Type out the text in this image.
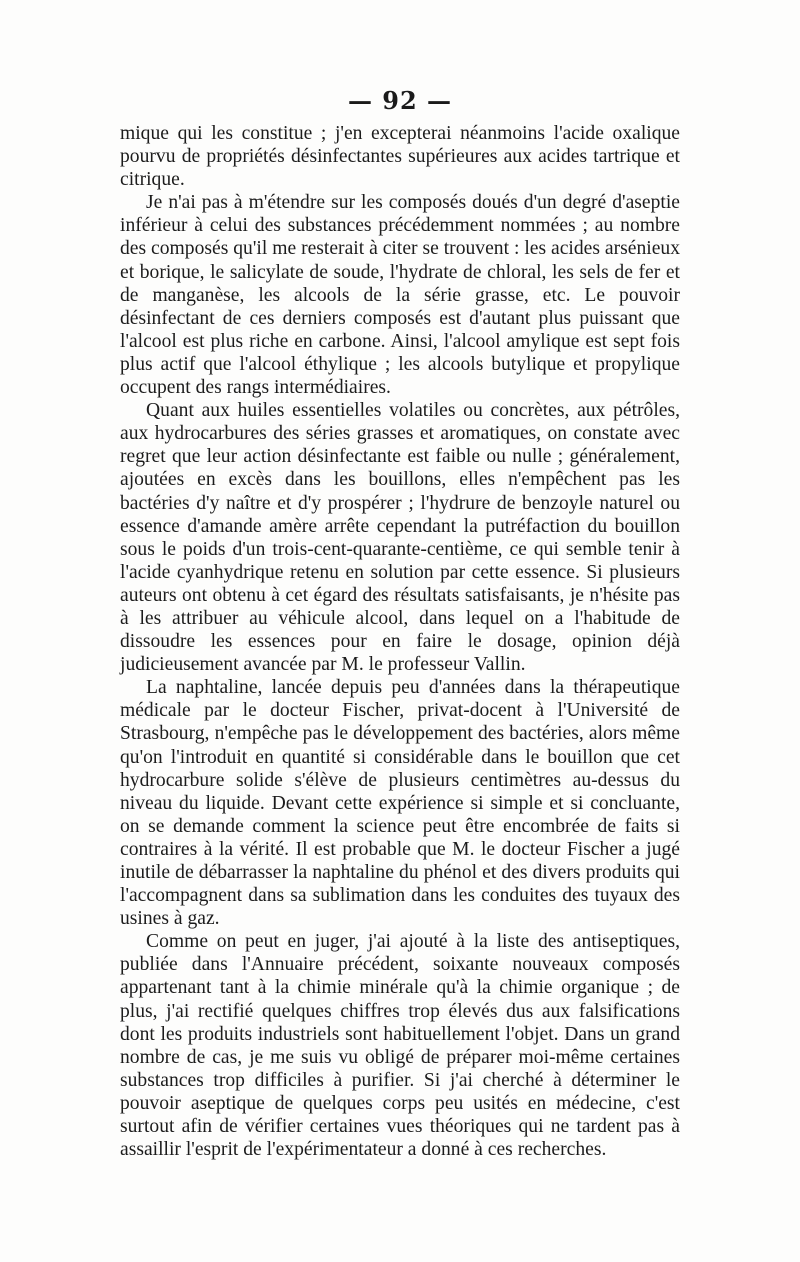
— 92 —

mique qui les constitue ; j'en excepterai néanmoins l'acide oxalique pourvu de propriétés désinfectantes supérieures aux acides tartrique et citrique.

Je n'ai pas à m'étendre sur les composés doués d'un degré d'aseptie inférieur à celui des substances précédemment nommées ; au nombre des composés qu'il me resterait à citer se trouvent : les acides arsénieux et borique, le salicylate de soude, l'hydrate de chloral, les sels de fer et de manganèse, les alcools de la série grasse, etc. Le pouvoir désinfectant de ces derniers composés est d'autant plus puissant que l'alcool est plus riche en carbone. Ainsi, l'alcool amylique est sept fois plus actif que l'alcool éthylique ; les alcools butylique et propylique occupent des rangs intermédiaires.

Quant aux huiles essentielles volatiles ou concrètes, aux pétrôles, aux hydrocarbures des séries grasses et aromatiques, on constate avec regret que leur action désinfectante est faible ou nulle ; généralement, ajoutées en excès dans les bouillons, elles n'empêchent pas les bactéries d'y naître et d'y prospérer ; l'hydrure de benzoyle naturel ou essence d'amande amère arrête cependant la putréfaction du bouillon sous le poids d'un trois-cent-quarante-centième, ce qui semble tenir à l'acide cyanhydrique retenu en solution par cette essence. Si plusieurs auteurs ont obtenu à cet égard des résultats satisfaisants, je n'hésite pas à les attribuer au véhicule alcool, dans lequel on a l'habitude de dissoudre les essences pour en faire le dosage, opinion déjà judicieusement avancée par M. le professeur Vallin.

La naphtaline, lancée depuis peu d'années dans la thérapeutique médicale par le docteur Fischer, privat-docent à l'Université de Strasbourg, n'empêche pas le développement des bactéries, alors même qu'on l'introduit en quantité si considérable dans le bouillon que cet hydrocarbure solide s'élève de plusieurs centimètres au-dessus du niveau du liquide. Devant cette expérience si simple et si concluante, on se demande comment la science peut être encombrée de faits si contraires à la vérité. Il est probable que M. le docteur Fischer a jugé inutile de débarrasser la naphtaline du phénol et des divers produits qui l'accompagnent dans sa sublimation dans les conduites des tuyaux des usines à gaz.

Comme on peut en juger, j'ai ajouté à la liste des antiseptiques, publiée dans l'Annuaire précédent, soixante nouveaux composés appartenant tant à la chimie minérale qu'à la chimie organique ; de plus, j'ai rectifié quelques chiffres trop élevés dus aux falsifications dont les produits industriels sont habituellement l'objet. Dans un grand nombre de cas, je me suis vu obligé de préparer moi-même certaines substances trop difficiles à purifier. Si j'ai cherché à déterminer le pouvoir aseptique de quelques corps peu usités en médecine, c'est surtout afin de vérifier certaines vues théoriques qui ne tardent pas à assaillir l'esprit de l'expérimentateur a donné à ces recherches.
